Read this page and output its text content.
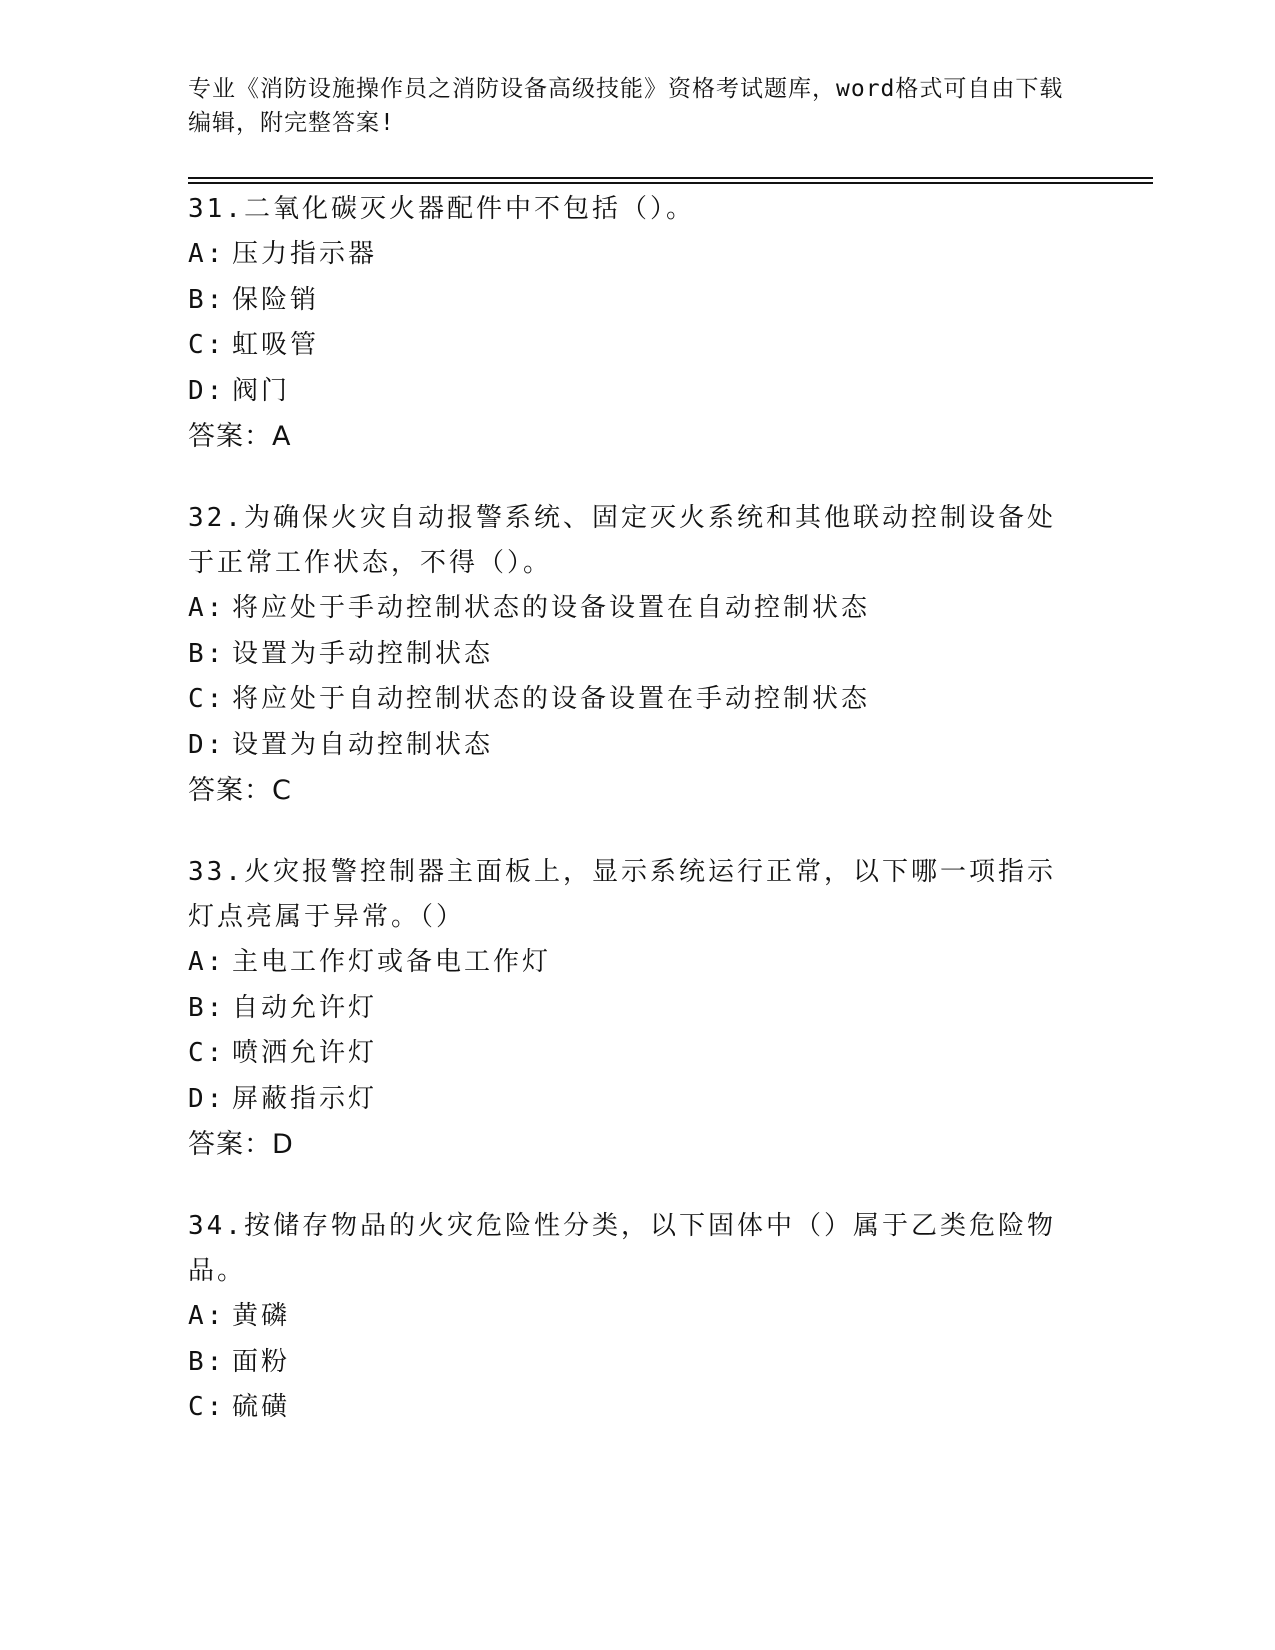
专业《消防设施操作员之消防设备高级技能》资格考试题库，word格式可自由下载编辑，附完整答案!
31.二氧化碳灭火器配件中不包括（）。
A: 压力指示器
B: 保险销
C: 虹吸管
D: 阀门
答案：A
32.为确保火灾自动报警系统、固定灭火系统和其他联动控制设备处于正常工作状态，不得（）。
A: 将应处于手动控制状态的设备设置在自动控制状态
B: 设置为手动控制状态
C: 将应处于自动控制状态的设备设置在手动控制状态
D: 设置为自动控制状态
答案：C
33.火灾报警控制器主面板上，显示系统运行正常，以下哪一项指示灯点亮属于异常。（）
A: 主电工作灯或备电工作灯
B: 自动允许灯
C: 喷洒允许灯
D: 屏蔽指示灯
答案：D
34.按储存物品的火灾危险性分类，以下固体中（）属于乙类危险物品。
A: 黄磷
B: 面粉
C: 硫磺
